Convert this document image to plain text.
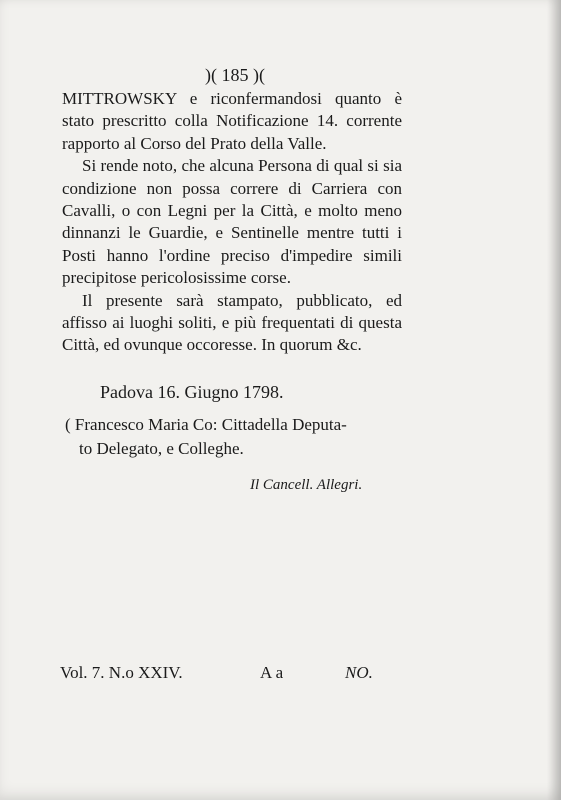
)( 185 )(

MITTROWSKY e riconfermandosi quanto è stato prescritto colla Notificazione 14. corrente rapporto al Corso del Prato della Valle.

Si rende noto, che alcuna Persona di qual si sia condizione non possa correre di Carriera con Cavalli, o con Legni per la Città, e molto meno dinnanzi le Guardie, e Sentinelle mentre tutti i Posti hanno l'ordine preciso d'impedire simili precipitose pericolosissime corse.

Il presente sarà stampato, pubblicato, ed affisso ai luoghi soliti, e più frequentati di questa Città, ed ovunque occoresse. In quorum &c.

Padova 16. Giugno 1798.
( Francesco Maria Co: Cittadella Deputa-
to Delegato, e Colleghe.
Il Cancell. Allegri.
Vol. 7. N.o XXIV.	A a	NO.
